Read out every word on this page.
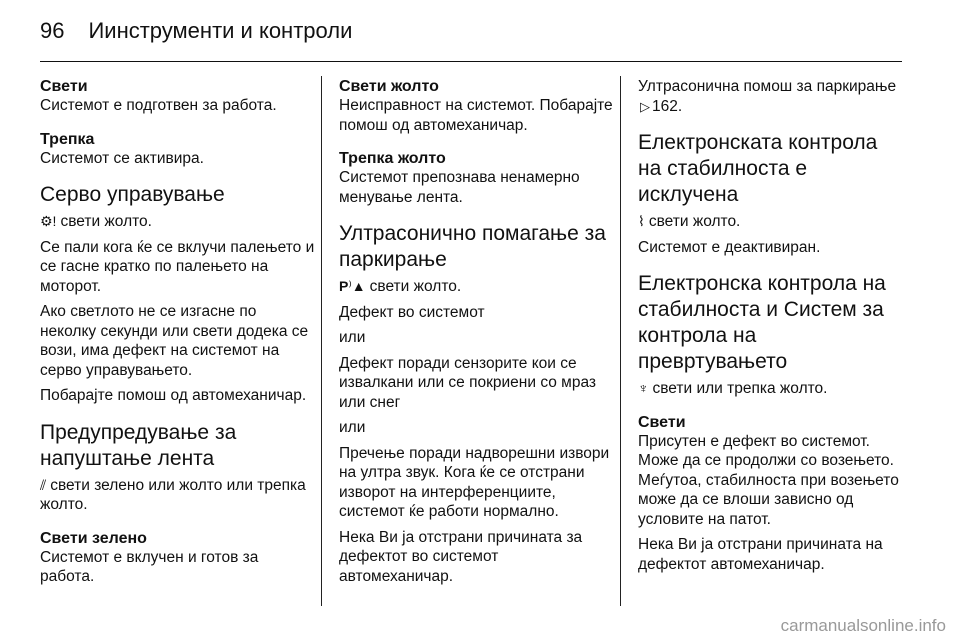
96 Иинструменти и контроли

Свети

Системот е подготвен за работа.

Трепка

Системот се активира.

Серво управување

⚙! свети жолто.

Се пали кога ќе се вклучи палењето и се гасне кратко по палењето на моторот.

Ако светлото не се изгасне по неколку секунди или свети додека се вози, има дефект на системот на серво управувањето.

Побарајте помош од автомеханичар.

Предупредување за напуштање лента

⫽ свети зелено или жолто или трепка жолто.

Свети зелено

Системот е вклучен и готов за работа.

Свети жолто

Неисправност на системот. Побарајте помош од автомеханичар.

Трепка жолто

Системот препознава ненамерно менување лента.

Ултрасонично помагање за паркирање

P⁾▲ свети жолто.

Дефект во системот

или

Дефект поради сензорите кои се извалкани или се покриени со мраз или снег

или

Пречење поради надворешни извори на ултра звук. Кога ќе се отстрани изворот на интерференциите, системот ќе работи нормално.

Нека Ви ја отстрани причината за дефектот во системот автомеханичар.

Ултрасонична помош за паркирање ▷ 162.

Електронската контрола на стабилноста е исклучена

⌇ свети жолто.

Системот е деактивиран.

Електронска контрола на стабилноста и Систем за контрола на превртувањето

♆ свети или трепка жолто.

Свети

Присутен е дефект во системот. Може да се продолжи со возењето. Меѓутоа, стабилноста при возењето може да се влоши зависно од условите на патот.

Нека Ви ја отстрани причината на дефектот автомеханичар.

carmanualsonline.info
